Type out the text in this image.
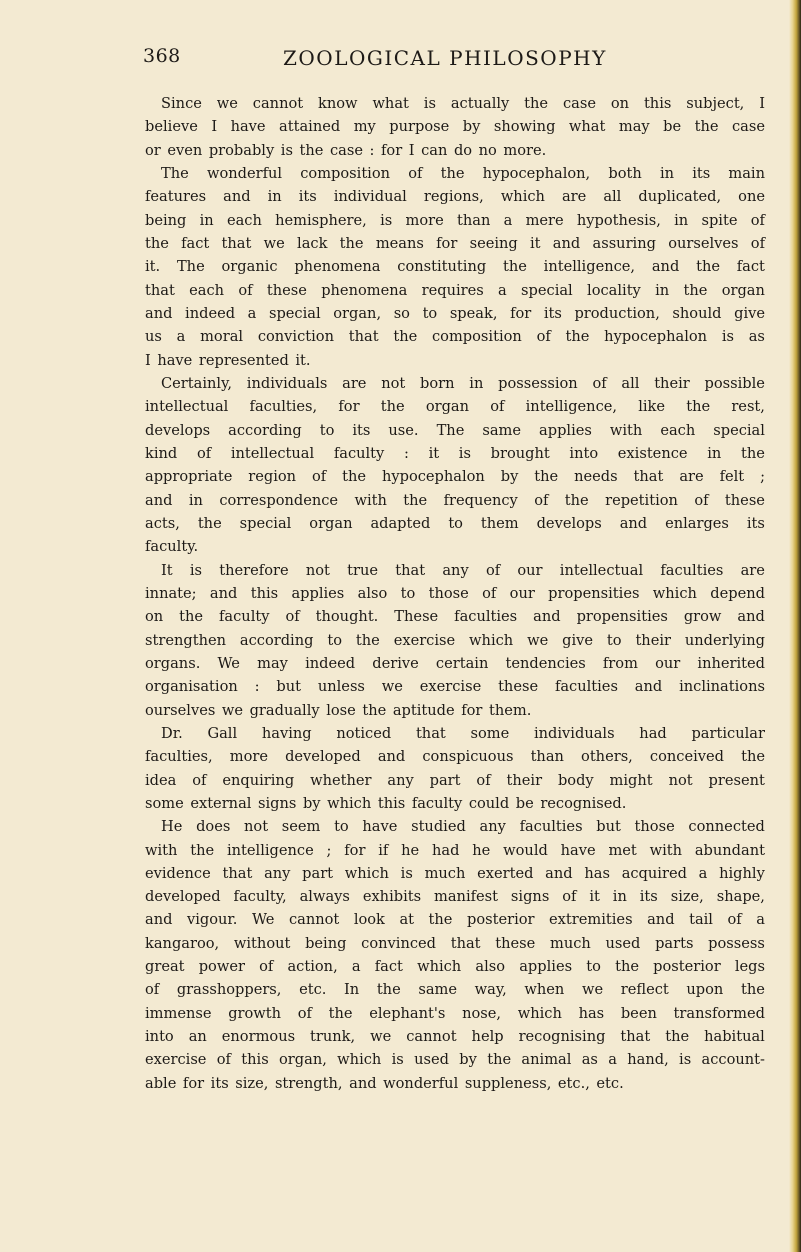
368	ZOOLOGICAL PHILOSOPHY
Since we cannot know what is actually the case on this subject, I
believe I have attained my purpose by showing what may be the case
or even probably is the case : for I can do no more.
The wonderful composition of the hypocephalon, both in its main
features and in its individual regions, which are all duplicated, one
being in each hemisphere, is more than a mere hypothesis, in spite of
the fact that we lack the means for seeing it and assuring ourselves of
it. The organic phenomena constituting the intelligence, and the fact
that each of these phenomena requires a special locality in the organ
and indeed a special organ, so to speak, for its production, should give
us a moral conviction that the composition of the hypocephalon is as
I have represented it.
Certainly, individuals are not born in possession of all their possible
intellectual faculties, for the organ of intelligence, like the rest,
develops according to its use. The same applies with each special
kind of intellectual faculty : it is brought into existence in the
appropriate region of the hypocephalon by the needs that are felt ;
and in correspondence with the frequency of the repetition of these
acts, the special organ adapted to them develops and enlarges its
faculty.
It is therefore not true that any of our intellectual faculties are
innate; and this applies also to those of our propensities which depend
on the faculty of thought. These faculties and propensities grow and
strengthen according to the exercise which we give to their underlying
organs. We may indeed derive certain tendencies from our inherited
organisation : but unless we exercise these faculties and inclinations
ourselves we gradually lose the aptitude for them.
Dr. Gall having noticed that some individuals had particular
faculties, more developed and conspicuous than others, conceived the
idea of enquiring whether any part of their body might not present
some external signs by which this faculty could be recognised.
He does not seem to have studied any faculties but those connected
with the intelligence ; for if he had he would have met with abundant
evidence that any part which is much exerted and has acquired a highly
developed faculty, always exhibits manifest signs of it in its size, shape,
and vigour. We cannot look at the posterior extremities and tail of a
kangaroo, without being convinced that these much used parts possess
great power of action, a fact which also applies to the posterior legs
of grasshoppers, etc. In the same way, when we reflect upon the
immense growth of the elephant's nose, which has been transformed
into an enormous trunk, we cannot help recognising that the habitual
exercise of this organ, which is used by the animal as a hand, is account-
able for its size, strength, and wonderful suppleness, etc., etc.
